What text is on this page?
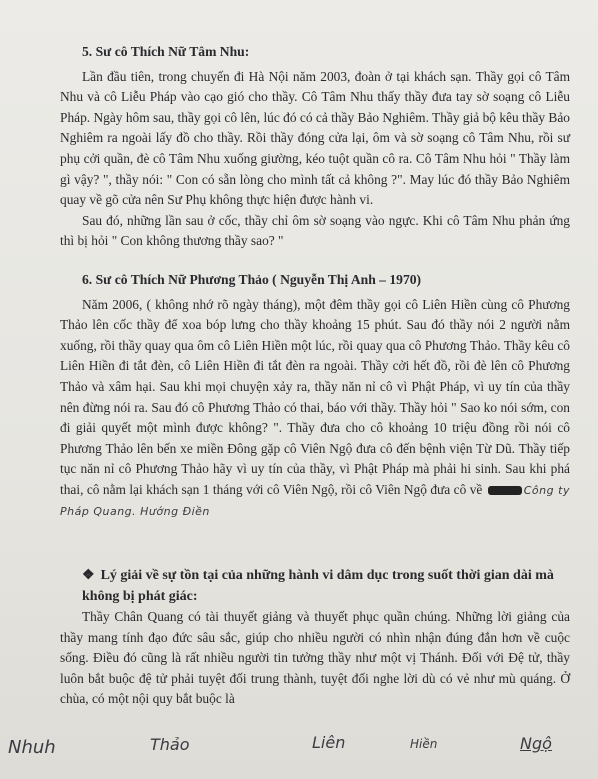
5. Sư cô Thích Nữ Tâm Nhu:

Lần đầu tiên, trong chuyến đi Hà Nội năm 2003, đoàn ở tại khách sạn. Thầy gọi cô Tâm Nhu và cô Liễu Pháp vào cạo gió cho thầy. Cô Tâm Nhu thấy thầy đưa tay sờ soạng cô Liễu Pháp. Ngày hôm sau, thầy gọi cô lên, lúc đó có cả thầy Bảo Nghiêm. Thầy giả bộ kêu thầy Bảo Nghiêm ra ngoài lấy đồ cho thầy. Rồi thầy đóng cửa lại, ôm và sờ soạng cô Tâm Nhu, rồi sư phụ cởi quần, đè cô Tâm Nhu xuống giường, kéo tuột quần cô ra. Cô Tâm Nhu hỏi " Thầy làm gì vậy? ", thầy nói: " Con có sẵn lòng cho mình tất cả không ?". May lúc đó thầy Bảo Nghiêm quay về gõ cửa nên Sư Phụ không thực hiện được hành vi.

Sau đó, những lần sau ở cốc, thầy chỉ ôm sờ soạng vào ngực. Khi cô Tâm Nhu phản ứng thì bị hỏi " Con không thương thầy sao? "

6. Sư cô Thích Nữ Phương Thảo ( Nguyễn Thị Anh – 1970)

Năm 2006, ( không nhớ rõ ngày tháng), một đêm thầy gọi cô Liên Hiền cùng cô Phương Thảo lên cốc thầy để xoa bóp lưng cho thầy khoảng 15 phút. Sau đó thầy nói 2 người nằm xuống, rồi thầy quay qua ôm cô Liên Hiền một lúc, rồi quay qua cô Phương Thảo. Thầy kêu cô Liên Hiền đi tắt đèn, cô Liên Hiền đi tắt đèn ra ngoài. Thầy cởi hết đồ, rồi đè lên cô Phương Thảo và xâm hại. Sau khi mọi chuyện xảy ra, thầy năn nỉ cô vì Phật Pháp, vì uy tín của thầy nên đừng nói ra. Sau đó cô Phương Thảo có thai, báo với thầy. Thầy hỏi " Sao ko nói sớm, con đi giải quyết một mình được không? ". Thầy đưa cho cô khoảng 10 triệu đồng rồi nói cô Phương Thảo lên bến xe miền Đông gặp cô Viên Ngộ đưa cô đến bệnh viện Từ Dũ. Thầy tiếp tục năn nỉ cô Phương Thảo hãy vì uy tín của thầy, vì Phật Pháp mà phải hi sinh. Sau khi phá thai, cô nằm lại khách sạn 1 tháng với cô Viên Ngộ, rồi cô Viên Ngộ đưa cô về	Công ty Pháp Quang. Hướng Điền

❖ Lý giải về sự tồn tại của những hành vi dâm dục trong suốt thời gian dài mà không bị phát giác:

Thầy Chân Quang có tài thuyết giảng và thuyết phục quần chúng. Những lời giảng của thầy mang tính đạo đức sâu sắc, giúp cho nhiều người có nhìn nhận đúng đắn hơn về cuộc sống. Điều đó cũng là rất nhiều người tin tưởng thầy như một vị Thánh. Đối với Đệ tử, thầy luôn bắt buộc đệ tử phải tuyệt đối trung thành, tuyệt đối nghe lời dù có vẻ như mù quáng. Ở chùa, có một nội quy bắt buộc là

Nhuh	Thảo	Liên	Hiền	Ngộ
